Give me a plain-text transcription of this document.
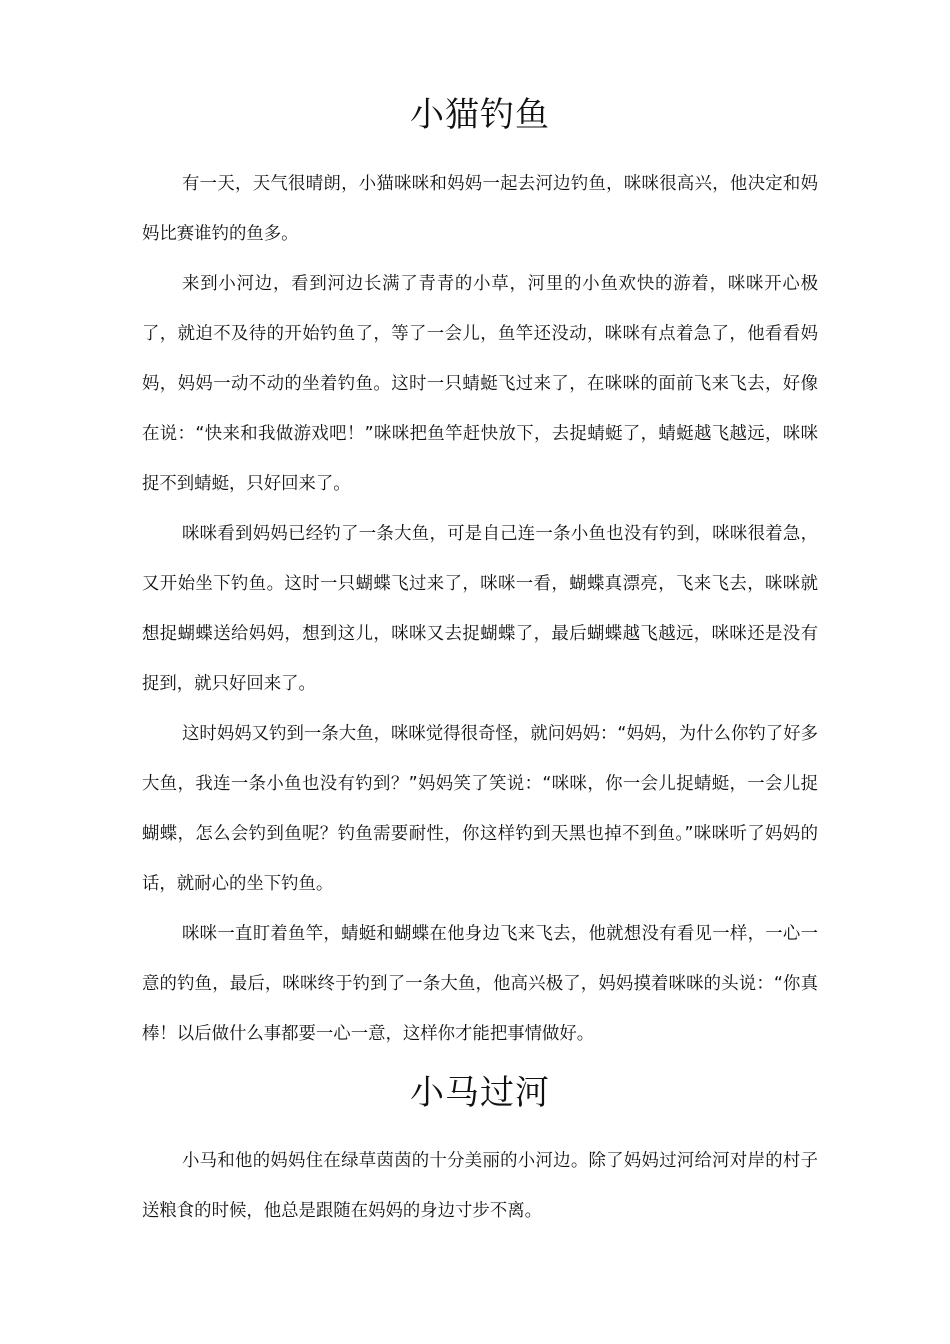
小猫钓鱼

有一天，天气很晴朗，小猫咪咪和妈妈一起去河边钓鱼，咪咪很高兴，他决定和妈妈比赛谁钓的鱼多。

来到小河边，看到河边长满了青青的小草，河里的小鱼欢快的游着，咪咪开心极了，就迫不及待的开始钓鱼了，等了一会儿，鱼竿还没动，咪咪有点着急了，他看看妈妈，妈妈一动不动的坐着钓鱼。这时一只蜻蜓飞过来了，在咪咪的面前飞来飞去，好像在说：“快来和我做游戏吧！”咪咪把鱼竿赶快放下，去捉蜻蜓了，蜻蜓越飞越远，咪咪捉不到蜻蜓，只好回来了。

咪咪看到妈妈已经钓了一条大鱼，可是自己连一条小鱼也没有钓到，咪咪很着急，又开始坐下钓鱼。这时一只蝴蝶飞过来了，咪咪一看，蝴蝶真漂亮，飞来飞去，咪咪就想捉蝴蝶送给妈妈，想到这儿，咪咪又去捉蝴蝶了，最后蝴蝶越飞越远，咪咪还是没有捉到，就只好回来了。

这时妈妈又钓到一条大鱼，咪咪觉得很奇怪，就问妈妈：“妈妈，为什么你钓了好多大鱼，我连一条小鱼也没有钓到？”妈妈笑了笑说：“咪咪，你一会儿捉蜻蜓，一会儿捉蝴蝶，怎么会钓到鱼呢？钓鱼需要耐性，你这样钓到天黑也掉不到鱼。”咪咪听了妈妈的话，就耐心的坐下钓鱼。

咪咪一直盯着鱼竿，蜻蜓和蝴蝶在他身边飞来飞去，他就想没有看见一样，一心一意的钓鱼，最后，咪咪终于钓到了一条大鱼，他高兴极了，妈妈摸着咪咪的头说：“你真棒！以后做什么事都要一心一意，这样你才能把事情做好。

小马过河

小马和他的妈妈住在绿草茵茵的十分美丽的小河边。除了妈妈过河给河对岸的村子送粮食的时候，他总是跟随在妈妈的身边寸步不离。
